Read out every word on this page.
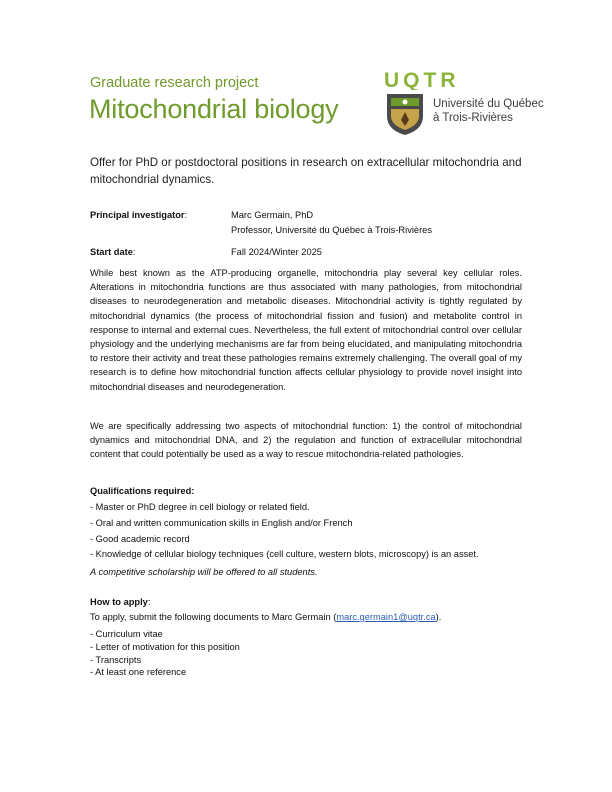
Graduate research project
Mitochondrial biology
UQTR
Université du Québec
à Trois-Rivières
Offer for PhD or postdoctoral positions in research on extracellular mitochondria and mitochondrial dynamics.
Principal investigator:	Marc Germain, PhD
Professor, Université du Québec à Trois-Rivières
Start date:	Fall 2024/Winter 2025
While best known as the ATP-producing organelle, mitochondria play several key cellular roles. Alterations in mitochondria functions are thus associated with many pathologies, from mitochondrial diseases to neurodegeneration and metabolic diseases. Mitochondrial activity is tightly regulated by mitochondrial dynamics (the process of mitochondrial fission and fusion) and metabolite control in response to internal and external cues. Nevertheless, the full extent of mitochondrial control over cellular physiology and the underlying mechanisms are far from being elucidated, and manipulating mitochondria to restore their activity and treat these pathologies remains extremely challenging. The overall goal of my research is to define how mitochondrial function affects cellular physiology to provide novel insight into mitochondrial diseases and neurodegeneration.
We are specifically addressing two aspects of mitochondrial function: 1) the control of mitochondrial dynamics and mitochondrial DNA, and 2) the regulation and function of extracellular mitochondrial content that could potentially be used as a way to rescue mitochondria-related pathologies.
Qualifications required:
- Master or PhD degree in cell biology or related field.
- Oral and written communication skills in English and/or French
- Good academic record
- Knowledge of cellular biology techniques (cell culture, western blots, microscopy) is an asset.
A competitive scholarship will be offered to all students.
How to apply:
To apply, submit the following documents to Marc Germain (marc.germain1@uqtr.ca).
- Curriculum vitae
- Letter of motivation for this position
- Transcripts
- At least one reference
